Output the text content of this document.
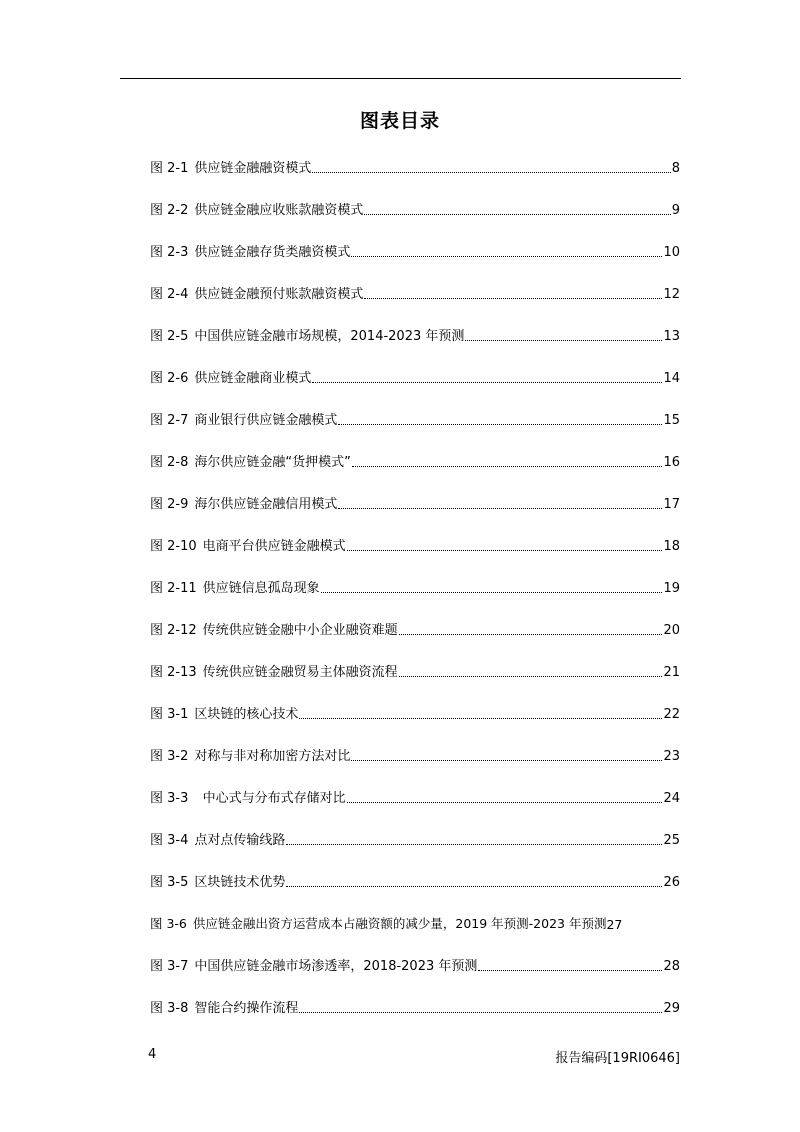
图表目录
图 2-1 供应链金融融资模式	8
图 2-2 供应链金融应收账款融资模式	9
图 2-3 供应链金融存货类融资模式	10
图 2-4 供应链金融预付账款融资模式	12
图 2-5 中国供应链金融市场规模，2014-2023 年预测	13
图 2-6 供应链金融商业模式	14
图 2-7 商业银行供应链金融模式	15
图 2-8 海尔供应链金融“货押模式”	16
图 2-9 海尔供应链金融信用模式	17
图 2-10 电商平台供应链金融模式	18
图 2-11 供应链信息孤岛现象	19
图 2-12 传统供应链金融中小企业融资难题	20
图 2-13 传统供应链金融贸易主体融资流程	21
图 3-1 区块链的核心技术	22
图 3-2 对称与非对称加密方法对比	23
图 3-3  中心式与分布式存储对比	24
图 3-4 点对点传输线路	25
图 3-5 区块链技术优势	26
图 3-6 供应链金融出资方运营成本占融资额的减少量，2019 年预测-2023 年预测 27
图 3-7 中国供应链金融市场渗透率，2018-2023 年预测	28
图 3-8 智能合约操作流程	29
4	报告编码[19RI0646]
